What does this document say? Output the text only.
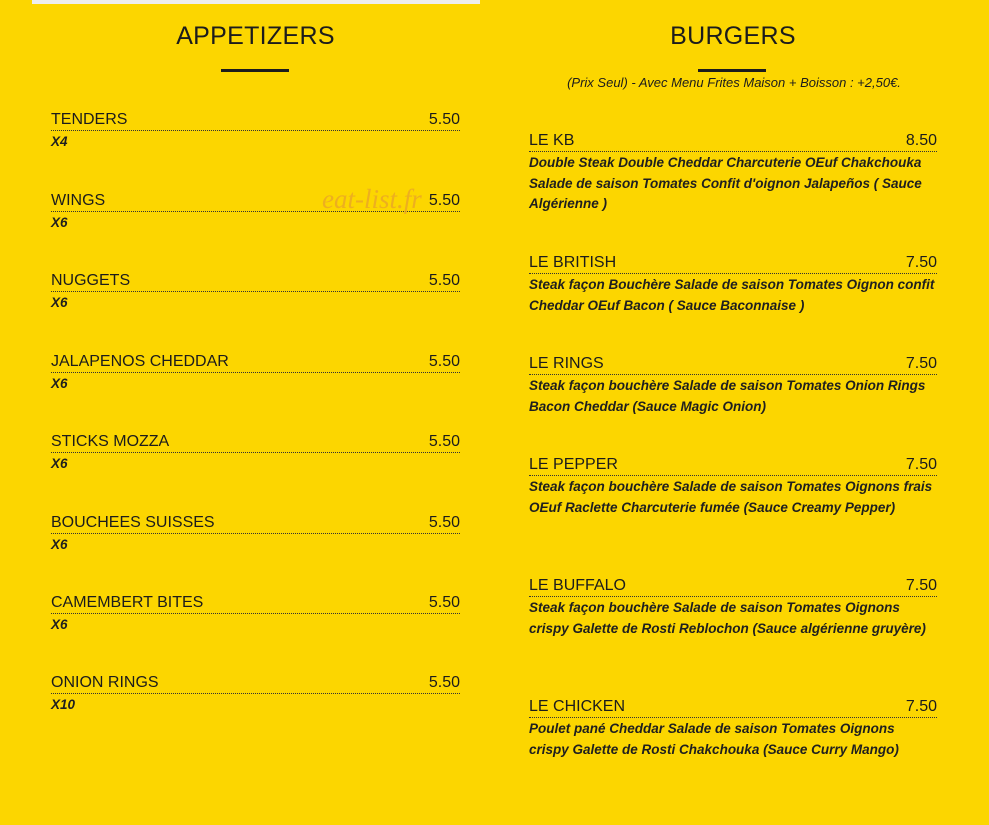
APPETIZERS
TENDERS	5.50
X4
WINGS	5.50
X6
NUGGETS	5.50
X6
JALAPENOS CHEDDAR	5.50
X6
STICKS MOZZA	5.50
X6
BOUCHEES SUISSES	5.50
X6
CAMEMBERT BITES	5.50
X6
ONION RINGS	5.50
X10
BURGERS
(Prix Seul) - Avec Menu Frites Maison + Boisson : +2,50€.
LE KB	8.50
Double Steak Double Cheddar Charcuterie OEuf Chakchouka Salade de saison Tomates Confit d'oignon Jalapeños ( Sauce Algérienne )
LE BRITISH	7.50
Steak façon Bouchère Salade de saison Tomates Oignon confit Cheddar OEuf Bacon ( Sauce Baconnaise )
LE RINGS	7.50
Steak façon bouchère Salade de saison Tomates Onion Rings Bacon Cheddar (Sauce Magic Onion)
LE PEPPER	7.50
Steak façon bouchère Salade de saison Tomates Oignons frais OEuf Raclette Charcuterie fumée (Sauce Creamy Pepper)
LE BUFFALO	7.50
Steak façon bouchère Salade de saison Tomates Oignons crispy Galette de Rosti Reblochon (Sauce algérienne gruyère)
LE CHICKEN	7.50
Poulet pané Cheddar Salade de saison Tomates Oignons crispy Galette de Rosti Chakchouka (Sauce Curry Mango)
eat-list.fr
